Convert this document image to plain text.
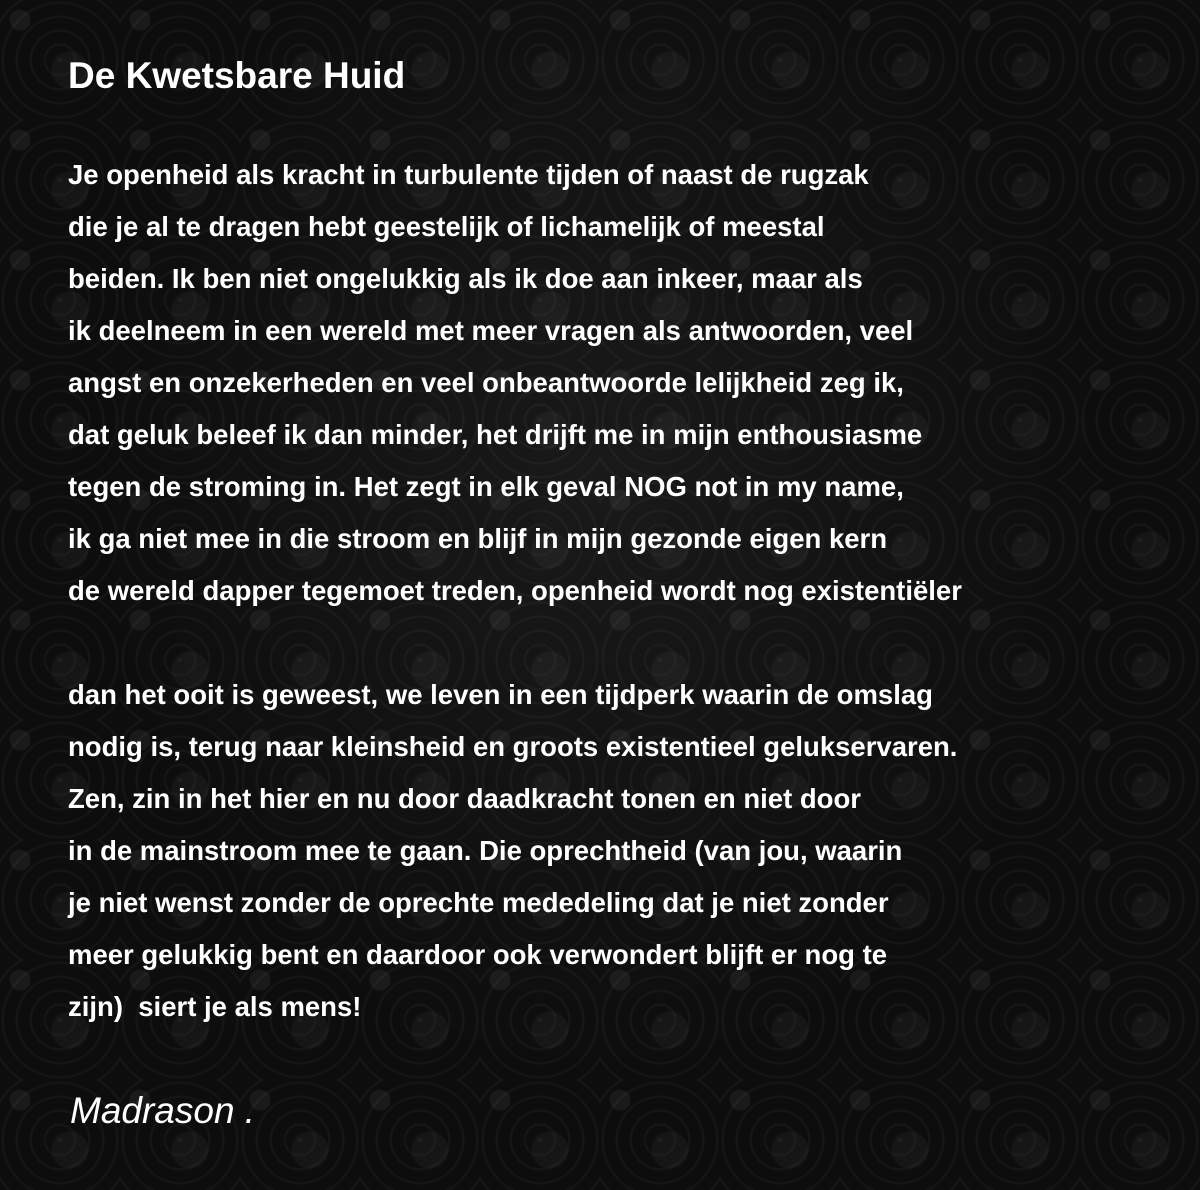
De Kwetsbare Huid
Je openheid als kracht in turbulente tijden of naast de rugzak
die je al te dragen hebt geestelijk of lichamelijk of meestal
beiden. Ik ben niet ongelukkig als ik doe aan inkeer, maar als
ik deelneem in een wereld met meer vragen als antwoorden, veel
angst en onzekerheden en veel onbeantwoorde lelijkheid zeg ik,
dat geluk beleef ik dan minder, het drijft me in mijn enthousiasme
tegen de stroming in. Het zegt in elk geval NOG not in my name,
ik ga niet mee in die stroom en blijf in mijn gezonde eigen kern
de wereld dapper tegemoet treden, openheid wordt nog existentiëler
dan het ooit is geweest, we leven in een tijdperk waarin de omslag
nodig is, terug naar kleinsheid en groots existentieel gelukservaren.
Zen, zin in het hier en nu door daadkracht tonen en niet door
in de mainstroom mee te gaan. Die oprechtheid (van jou, waarin
je niet wenst zonder de oprechte mededeling dat je niet zonder
meer gelukkig bent en daardoor ook verwondert blijft er nog te
zijn)  siert je als mens!

Madrason .
